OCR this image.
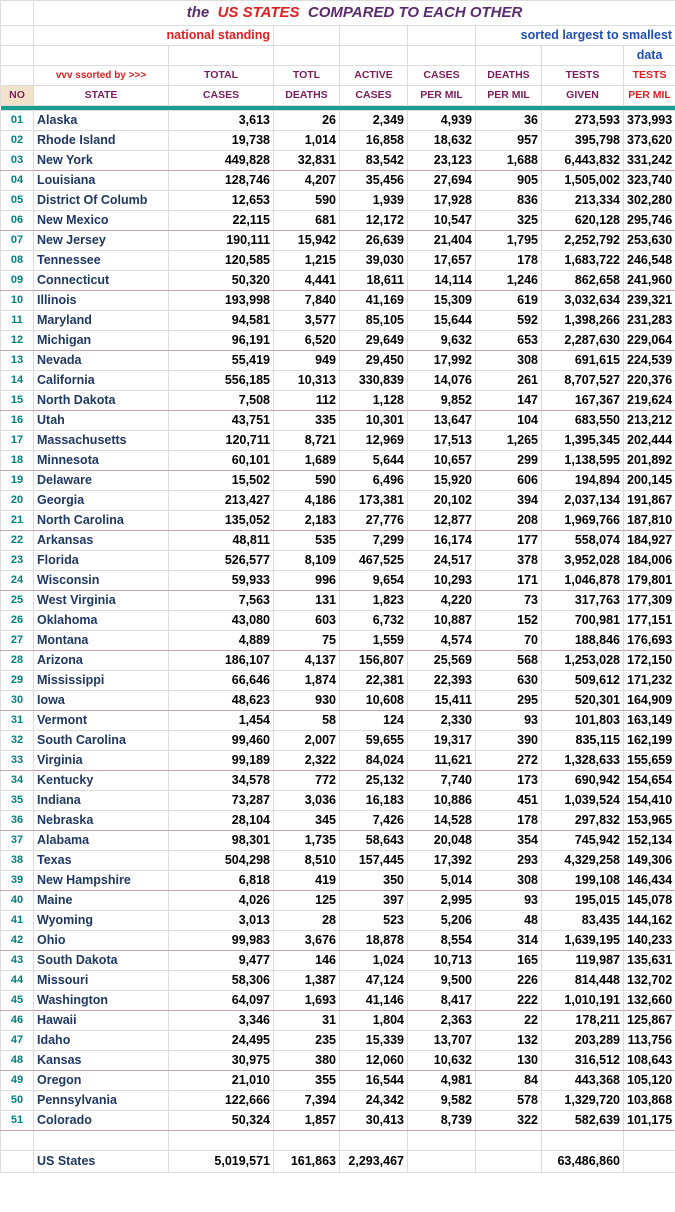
	the US STATES COMPARED TO EACH OTHER							
	national standing					sorted largest to smallest		
								data
	vvv ssorted by >>>	TOTAL	TOTL	ACTIVE	CASES	DEATHS	TESTS	TESTS
NO	STATE	CASES	DEATHS	CASES	PER MIL	PER MIL	GIVEN	PER MIL

01	Alaska	3,613	26	2,349	4,939	36	273,593	373,993
02	Rhode Island	19,738	1,014	16,858	18,632	957	395,798	373,620
03	New York	449,828	32,831	83,542	23,123	1,688	6,443,832	331,242
04	Louisiana	128,746	4,207	35,456	27,694	905	1,505,002	323,740
05	District Of Columb	12,653	590	1,939	17,928	836	213,334	302,280
06	New Mexico	22,115	681	12,172	10,547	325	620,128	295,746
07	New Jersey	190,111	15,942	26,639	21,404	1,795	2,252,792	253,630
08	Tennessee	120,585	1,215	39,030	17,657	178	1,683,722	246,548
09	Connecticut	50,320	4,441	18,611	14,114	1,246	862,658	241,960
10	Illinois	193,998	7,840	41,169	15,309	619	3,032,634	239,321
11	Maryland	94,581	3,577	85,105	15,644	592	1,398,266	231,283
12	Michigan	96,191	6,520	29,649	9,632	653	2,287,630	229,064
13	Nevada	55,419	949	29,450	17,992	308	691,615	224,539
14	California	556,185	10,313	330,839	14,076	261	8,707,527	220,376
15	North Dakota	7,508	112	1,128	9,852	147	167,367	219,624
16	Utah	43,751	335	10,301	13,647	104	683,550	213,212
17	Massachusetts	120,711	8,721	12,969	17,513	1,265	1,395,345	202,444
18	Minnesota	60,101	1,689	5,644	10,657	299	1,138,595	201,892
19	Delaware	15,502	590	6,496	15,920	606	194,894	200,145
20	Georgia	213,427	4,186	173,381	20,102	394	2,037,134	191,867
21	North Carolina	135,052	2,183	27,776	12,877	208	1,969,766	187,810
22	Arkansas	48,811	535	7,299	16,174	177	558,074	184,927
23	Florida	526,577	8,109	467,525	24,517	378	3,952,028	184,006
24	Wisconsin	59,933	996	9,654	10,293	171	1,046,878	179,801
25	West Virginia	7,563	131	1,823	4,220	73	317,763	177,309
26	Oklahoma	43,080	603	6,732	10,887	152	700,981	177,151
27	Montana	4,889	75	1,559	4,574	70	188,846	176,693
28	Arizona	186,107	4,137	156,807	25,569	568	1,253,028	172,150
29	Mississippi	66,646	1,874	22,381	22,393	630	509,612	171,232
30	Iowa	48,623	930	10,608	15,411	295	520,301	164,909
31	Vermont	1,454	58	124	2,330	93	101,803	163,149
32	South Carolina	99,460	2,007	59,655	19,317	390	835,115	162,199
33	Virginia	99,189	2,322	84,024	11,621	272	1,328,633	155,659
34	Kentucky	34,578	772	25,132	7,740	173	690,942	154,654
35	Indiana	73,287	3,036	16,183	10,886	451	1,039,524	154,410
36	Nebraska	28,104	345	7,426	14,528	178	297,832	153,965
37	Alabama	98,301	1,735	58,643	20,048	354	745,942	152,134
38	Texas	504,298	8,510	157,445	17,392	293	4,329,258	149,306
39	New Hampshire	6,818	419	350	5,014	308	199,108	146,434
40	Maine	4,026	125	397	2,995	93	195,015	145,078
41	Wyoming	3,013	28	523	5,206	48	83,435	144,162
42	Ohio	99,983	3,676	18,878	8,554	314	1,639,195	140,233
43	South Dakota	9,477	146	1,024	10,713	165	119,987	135,631
44	Missouri	58,306	1,387	47,124	9,500	226	814,448	132,702
45	Washington	64,097	1,693	41,146	8,417	222	1,010,191	132,660
46	Hawaii	3,346	31	1,804	2,363	22	178,211	125,867
47	Idaho	24,495	235	15,339	13,707	132	203,289	113,756
48	Kansas	30,975	380	12,060	10,632	130	316,512	108,643
49	Oregon	21,010	355	16,544	4,981	84	443,368	105,120
50	Pennsylvania	122,666	7,394	24,342	9,582	578	1,329,720	103,868
51	Colorado	50,324	1,857	30,413	8,739	322	582,639	101,175

	US States	5,019,571	161,863	2,293,467			63,486,860	
